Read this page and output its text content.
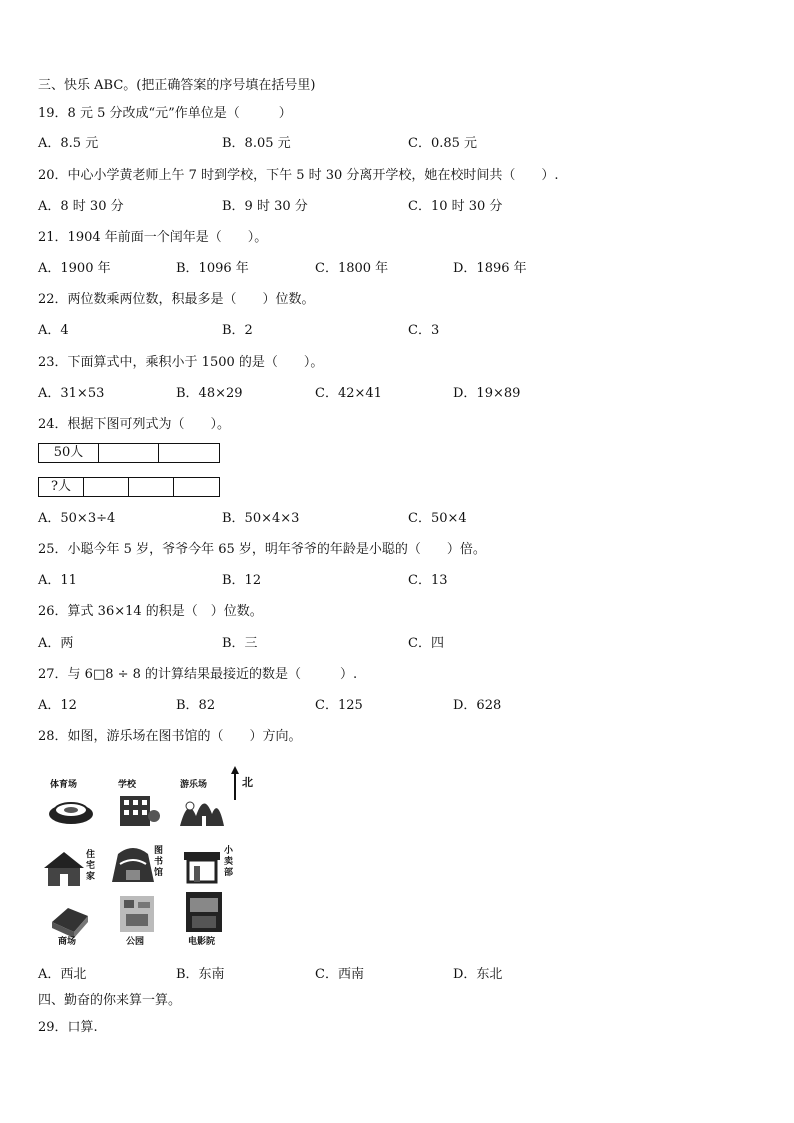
三、快乐 ABC。(把正确答案的序号填在括号里)
19．8 元 5 分改成“元”作单位是（　　　）
A．8.5 元	B．8.05 元	C．0.85 元
20．中心小学黄老师上午 7 时到学校，下午 5 时 30 分离开学校，她在校时间共（　　）.
A．8 时 30 分	B．9 时 30 分	C．10 时 30 分
21．1904 年前面一个闰年是（　　）。
A．1900 年	B．1096 年	C．1800 年	D．1896 年
22．两位数乘两位数，积最多是（　　）位数。
A．4	B．2	C．3
23．下面算式中，乘积小于 1500 的是（　　）。
A．31×53	B．48×29	C．42×41	D．19×89
24．根据下图可列式为（　　）。
50人
?人
A．50×3÷4	B．50×4×3	C．50×4
25．小聪今年 5 岁，爷爷今年 65 岁，明年爷爷的年龄是小聪的（　　）倍。
A．11	B．12	C．13
26．算式 36×14 的积是（　）位数。
A．两	B．三	C．四
27．与 6□8 ÷ 8 的计算结果最接近的数是（　　　）.
A．12	B．82	C．125	D．628
28．如图，游乐场在图书馆的（　　）方向。
北
体育场	学校	游乐场
住宅家
图书馆
小卖部
商场	公园	电影院
A．西北	B．东南	C．西南	D．东北
四、勤奋的你来算一算。
29．口算.
